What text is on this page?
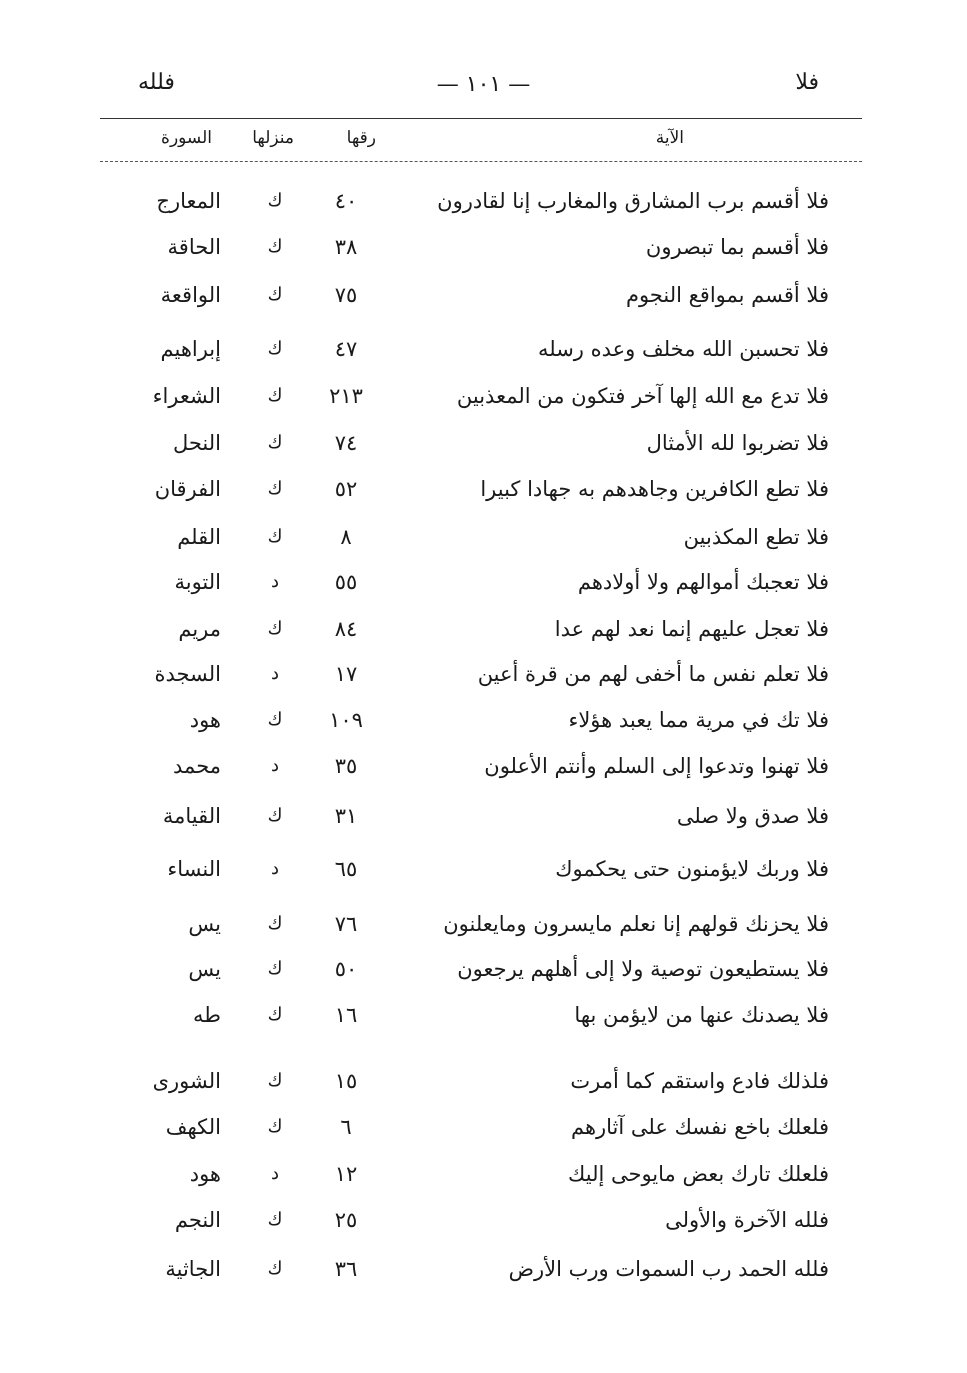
فلا
— ١٠١ —
فلله
الآية
رقها
منزلها
السورة
فلا أقسم برب المشارق والمغارب إنا لقادرون
٤٠
ك
المعارج
فلا أقسم بما تبصرون
٣٨
ك
الحاقة
فلا أقسم بمواقع النجوم
٧٥
ك
الواقعة
فلا تحسبن الله مخلف وعده رسله
٤٧
ك
إبراهيم
فلا تدع مع الله إلها آخر فتكون من المعذبين
٢١٣
ك
الشعراء
فلا تضربوا لله الأمثال
٧٤
ك
النحل
فلا تطع الكافرين وجاهدهم به جهادا كبيرا
٥٢
ك
الفرقان
فلا تطع المكذبين
٨
ك
القلم
فلا تعجبك أموالهم ولا أولادهم
٥٥
د
التوبة
فلا تعجل عليهم إنما نعد لهم عدا
٨٤
ك
مريم
فلا تعلم نفس ما أخفى لهم من قرة أعين
١٧
د
السجدة
فلا تك في مرية مما يعبد هؤلاء
١٠٩
ك
هود
فلا تهنوا وتدعوا إلى السلم وأنتم الأعلون
٣٥
د
محمد
فلا صدق ولا صلى
٣١
ك
القيامة
فلا وربك لايؤمنون حتى يحكموك
٦٥
د
النساء
فلا يحزنك قولهم إنا نعلم مايسرون ومايعلنون
٧٦
ك
يس
فلا يستطيعون توصية ولا إلى أهلهم يرجعون
٥٠
ك
يس
فلا يصدنك عنها من لايؤمن بها
١٦
ك
طه
فلذلك فادع واستقم كما أمرت
١٥
ك
الشورى
فلعلك باخع نفسك على آثارهم
٦
ك
الكهف
فلعلك تارك بعض مايوحى إليك
١٢
د
هود
فلله الآخرة والأولى
٢٥
ك
النجم
فلله الحمد رب السموات ورب الأرض
٣٦
ك
الجاثية
